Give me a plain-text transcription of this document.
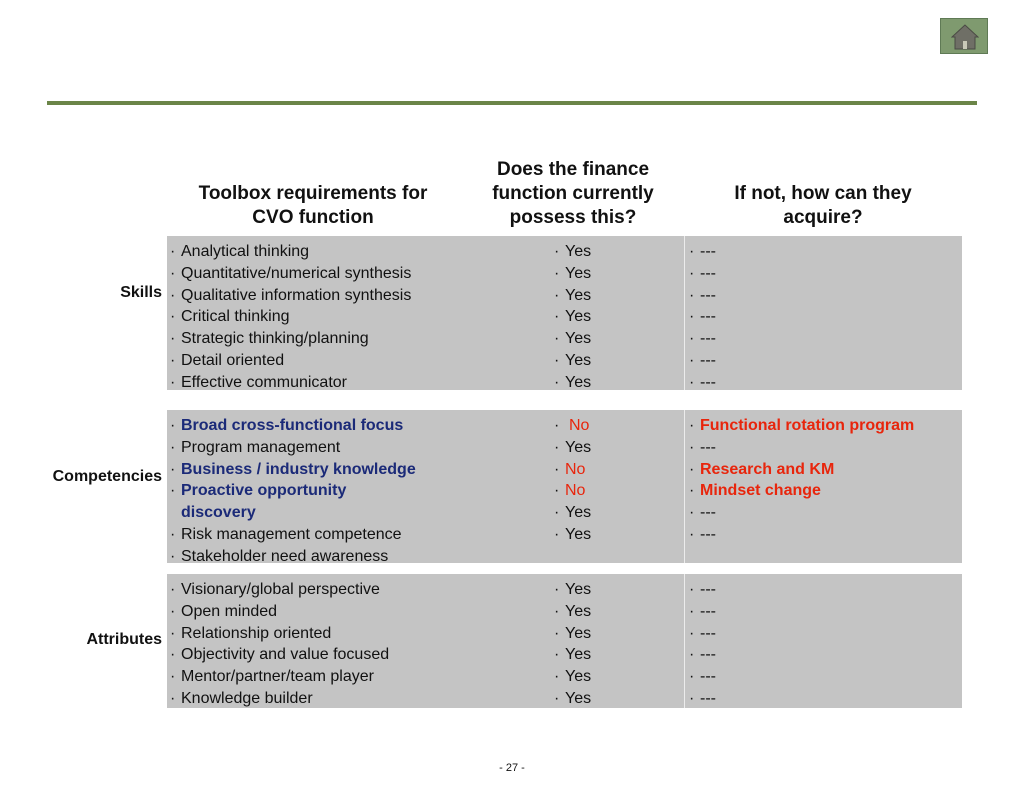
Toolbox requirements for CVO function
Does the finance function currently possess this?
If not, how can they acquire?
Skills
Competencies
Attributes
· Analytical thinking
· Quantitative/numerical synthesis
· Qualitative information synthesis
· Critical thinking
· Strategic thinking/planning
· Detail oriented
· Effective communicator
· Yes
· Yes
· Yes
· Yes
· Yes
· Yes
· Yes
· ---
· ---
· ---
· ---
· ---
· ---
· ---
· Broad cross-functional focus
· Program management
· Business / industry knowledge
· Proactive opportunity discovery
· Risk management competence
· Stakeholder need awareness
· No
· Yes
· No
· No
· Yes
· Yes
· Functional rotation program
· ---
· Research and KM
· Mindset change
· ---
· ---
· Visionary/global perspective
· Open minded
· Relationship oriented
· Objectivity and value focused
· Mentor/partner/team player
· Knowledge builder
· Yes
· Yes
· Yes
· Yes
· Yes
· Yes
· ---
· ---
· ---
· ---
· ---
· ---
- 27 -
